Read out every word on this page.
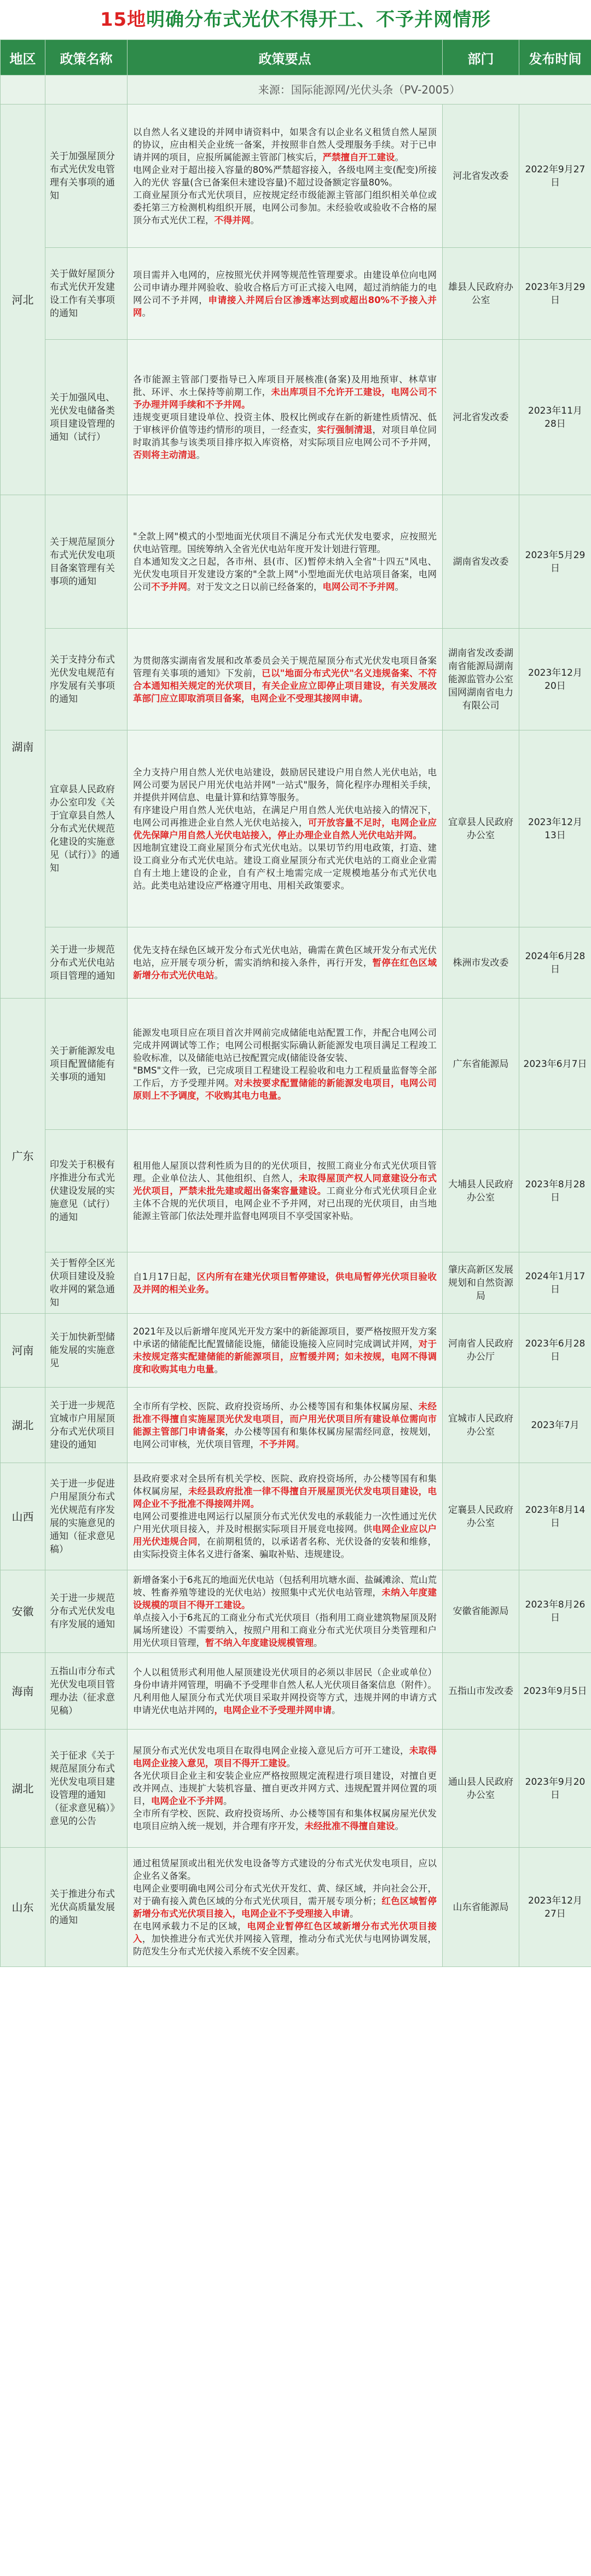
15地明确分布式光伏不得开工、不予并网情形
地区	政策名称	政策要点	部门	发布时间
		来源：国际能源网/光伏头条（PV-2005）		
河北	关于加强屋顶分布式光伏发电管理有关事项的通知	以自然人名义建设的并网申请资料中，如果含有以企业名义租赁自然人屋顶的协议，应由相关企业统一备案，并按照非自然人受理服务手续。对于已申请并网的项目，应报所属能源主管部门核实后，严禁擅自开工建设。
电网企业对于超出接入容量的80%严禁超容接入，各级电网主变(配变)所接入的光伏 容量(含已备案但未建设容量)不超过设备额定容量80%。
工商业屋顶分布式光伏项目，应按规定经市级能源主管部门组织相关单位或委托第三方检测机构组织开展，电网公司参加。未经验收或验收不合格的屋顶分布式光伏工程，不得并网。	河北省发改委	2022年9月27日
	关于做好屋顶分布式光伏开发建设工作有关事项的通知	项目需并入电网的，应按照光伏并网等规范性管理要求。由建设单位向电网公司申请办理并网验收、验收合格后方可正式接入电网，超过消纳能力的电网公司不予并网，申请接入并网后台区渗透率达到或超出80%不予接入并网。	雄县人民政府办公室	2023年3月29日
	关于加强风电、光伏发电储备类项目建设管理的通知（试行）	各市能源主管部门要指导已入库项目开展核准(备案)及用地预审、林草审批、环评、水土保持等前期工作，未出库项目不允许开工建设，电网公司不予办理并网手续和不予并网。
违规变更项目建设单位、投资主体、股权比例或存在新的新建性质情况、低于审核评价值等违约情形的项目，一经查实，实行强制清退，对项目单位同时取消其参与该类项目排序拟入库资格，对实际项目应电网公司不予并网，否则将主动清退。	河北省发改委	2023年11月28日
湖南	关于规范屋顶分布式光伏发电项目备案管理有关事项的通知	"全款上网"模式的小型地面光伏项目不满足分布式光伏发电要求，应按照光伏电站管理。国统筹纳入全省光伏电站年度开发计划进行管理。
自本通知发文之日起，各市州、县(市、区)暂停未纳入全省"十四五"风电、光伏发电项目开发建设方案的"全款上网"小型地面光伏电站项目备案，电网公司不予并网。对于发文之日以前已经备案的，电网公司不予并网。	湖南省发改委	2023年5月29日
	关于支持分布式光伏发电规范有序发展有关事项的通知	为贯彻落实湖南省发展和改革委员会关于规范屋顶分布式光伏发电项目备案管理有关事项的通知》下发前，已以"地面分布式光伏"名义违规备案、不符合本通知相关规定的光伏项目，有关企业应立即停止项目建设，有关发展改革部门应立即取消项目备案，电网企业不受理其接网申请。	湖南省发改委湖南省能源局湖南能源监管办公室国网湖南省电力有限公司	2023年12月20日
	宜章县人民政府办公室印发《关于宜章县自然人分布式光伏规范化建设的实施意见（试行）》的通知	全力支持户用自然人光伏电站建设，鼓励居民建设户用自然人光伏电站，电网公司要为居民户用光伏电站并网"一站式"服务，简化程序办理相关手续，并提供并网信息、电量计算和结算等服务。
有序建设户用自然人光伏电站，在满足户用自然人光伏电站接入的情况下，电网公司再推进企业自然人光伏电站接入，可开放容量不足时，电网企业应优先保障户用自然人光伏电站接入，停止办理企业自然人光伏电站并网。
因地制宜建设工商业屋顶分布式光伏电站。以果切节约用电政策，打造、建设工商业分布式光伏电站。建设工商业屋顶分布式光伏电站的工商业企业需自有土地上建设的企业，自有产权土地需完成一定规模地基分布式光伏电站。此类电站建设应严格遵守用电、用相关政策要求。	宜章县人民政府办公室	2023年12月13日
	关于进一步规范分布式光伏电站项目管理的通知	优先支持在绿色区域开发分布式光伏电站，确需在黄色区域开发分布式光伏电站，应开展专项分析，需实消纳和接入条件，再行开发，暂停在红色区域新增分布式光伏电站。	株洲市发改委	2024年6月28日
广东	关于新能源发电项目配置储能有关事项的通知	能源发电项目应在项目首次并网前完成储能电站配置工作，并配合电网公司完成并网调试等工作；电网公司根据实际确认新能源发电项目满足工程竣工验收标准，以及储能电站已按配置完成(储能设备安装、
"BMS"文件一致，已完成项目工程建设工程验收和电力工程质量监督等全部工作后，方予受理并网。对未按要求配置储能的新能源发电项目，电网公司原则上不予调度，不收购其电力电量。	广东省能源局	2023年6月7日
	印发关于积极有序推进分布式光伏建设发展的实施意见（试行）的通知	租用他人屋顶以营利性质为目的的光伏项目，按照工商业分布式光伏项目管理。企业单位法人、其他组织、自然人，未取得屋顶产权人同意建设分布式光伏项目，严禁未批先建或超出备案容量建设。工商业分布式光伏项目企业主体不合规的光伏项目，电网企业不予并网，对已出现的光伏项目，由当地能源主管部门依法处理并监督电网项目不享受国家补贴。	大埔县人民政府办公室	2023年8月28日
	关于暂停全区光伏项目建设及验收并网的紧急通知	自1月17日起，区内所有在建光伏项目暂停建设，供电局暂停光伏项目验收及并网的相关业务。	肇庆高新区发展规划和自然资源局	2024年1月17日
河南	关于加快新型储能发展的实施意见	2021年及以后新增年度风光开发方案中的新能源项目，要严格按照开发方案中承诺的储能配比配置储能设施，储能设施接入应同时完成调试并网，对于未按规定落实配建储能的新能源项目，应暂缓并网；如未按规，电网不得调度和收购其电力电量。	河南省人民政府办公厅	2023年6月28日
湖北	关于进一步规范宜城市户用屋顶分布式光伏项目建设的通知	全市所有学校、医院、政府投资场所、办公楼等国有和集体权属房屋、未经批准不得擅自实施屋顶光伏发电项目，而户用光伏项目所有建设单位需向市能源主管部门申请备案，办公楼等国有和集体权属房屋需经同意，按规划，电网公司审核，光伏项目管理，不予并网。	宜城市人民政府办公室	2023年7月
山西	关于进一步促进户用屋顶分布式光伏规范有序发展的实施意见的通知（征求意见稿）	县政府要求对全县所有机关学校、医院、政府投资场所，办公楼等国有和集体权属房屋，未经县政府批准一律不得擅自开展屋顶光伏发电项目建设，电网企业不予批准不得接网并网。
电网公司要推进电网运行以屋顶分布式光伏发电的承载能力一次性通过光伏户用光伏项目接入，并及时根据实际项目开展竞电接网。供电网企业应以户用光伏违规合同，在前期租赁的，以承诺者名称、光伏设备的安装和维修，由实际投资主体名义进行备案、骗取补贴、违规建设。	定襄县人民政府办公室	2023年8月14日
安徽	关于进一步规范分布式光伏发电有序发展的通知	新增备案小于6兆瓦的地面光伏电站（包括利用坑塘水面、盐碱滩涂、荒山荒坡、牲畜养殖等建设的光伏电站）按照集中式光伏电站管理，未纳入年度建设规模的项目不得开工建设。
单点接入小于6兆瓦的工商业分布式光伏项目（指利用工商业建筑物屋顶及附属场所建设）不需要纳入，按照户用和工商业分布式光伏项目分类管理和户用光伏项目管理，暂不纳入年度建设规模管理。	安徽省能源局	2023年8月26日
海南	五指山市分布式光伏发电项目管理办法（征求意见稿）	个人以租赁形式利用他人屋顶建设光伏项目的必须以非居民（企业或单位）身份申请并网管理，明确不予受理非自然人私人光伏项目备案信息（附件）。凡利用他人屋顶分布式光伏项目采取并网投资等方式，违规并网的申请方式申请光伏电站并网的，电网企业不予受理并网申请。	五指山市发改委	2023年9月5日
湖北	关于征求《关于规范屋顶分布式光伏发电项目建设管理的通知（征求意见稿）》意见的公告	屋顶分布式光伏发电项目在取得电网企业接入意见后方可开工建设，未取得电网企业接入意见，项目不得开工建设。
各光伏项目企业主和安装企业应严格按照规定流程进行项目建设，对擅自更改并网点、违规扩大装机容量、擅自更改并网方式、违规配置并网位置的项目，电网企业不予并网。
全市所有学校、医院、政府投资场所、办公楼等国有和集体权属房屋光伏发电项目应纳入统一规划，并合理有序开发，未经批准不得擅自建设。	通山县人民政府办公室	2023年9月20日
山东	关于推进分布式光伏高质量发展的通知	通过租赁屋顶或出租光伏发电设备等方式建设的分布式光伏发电项目，应以企业名义备案。
电网企业要明确电网公司分布式光伏开发红、黄、绿区域，并向社会公开，对于确有接入黄色区域的分布式光伏项目，需开展专项分析；红色区域暂停新增分布式光伏项目接入，电网企业不予受理接入申请。
在电网承载力不足的区域，电网企业暂停红色区域新增分布式光伏项目接入，加快推进分布式光伏并网接入管理，推动分布式光伏与电网协调发展，防范发生分布式光伏接入系统不安全因素。	山东省能源局	2023年12月27日
